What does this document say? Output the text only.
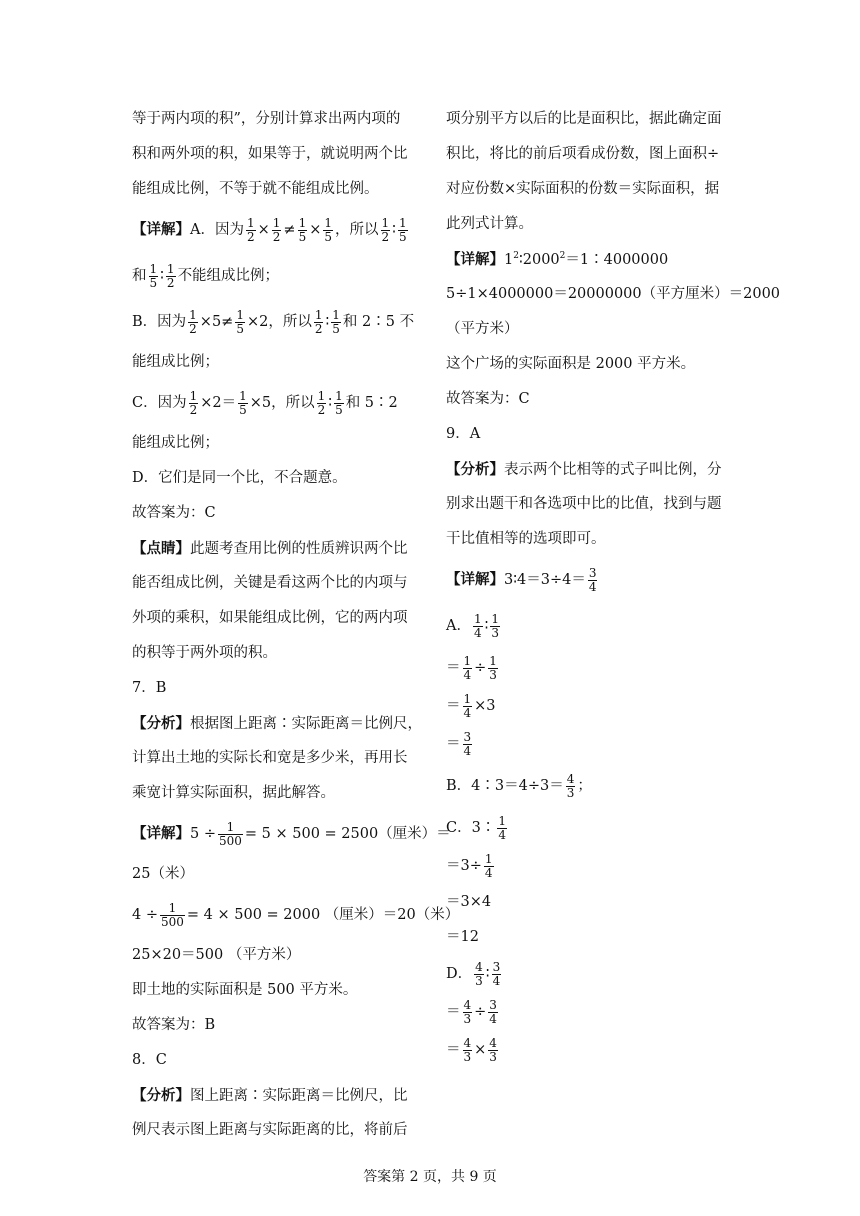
等于两内项的积”，分别计算求出两内项的
积和两外项的积，如果等于，就说明两个比
能组成比例，不等于就不能组成比例。
【详解】A．因为 $\frac{1}{2} \times \frac{1}{2} \ne \frac{1}{5} \times \frac{1}{5}$ ，所以 $\frac{1}{2}$ ∶ $\frac{1}{5}$
和 $\frac{1}{5}$ ∶ $\frac{1}{2}$ 不能组成比例；
B．因为 $\frac{1}{2} \times 5\ne \frac{1}{5} \times 2$，所以 $\frac{1}{2}$ ∶ $\frac{1}{5}$ 和 2∶5 不
能组成比例；
C．因为 $\frac{1}{2} \times 2= \frac{1}{5} \times 5$，所以 $\frac{1}{2}$ ∶ $\frac{1}{5}$ 和 5∶2
能组成比例；
D．它们是同一个比，不合题意。
故答案为：C
【点睛】此题考查用比例的性质辨识两个比
能否组成比例，关键是看这两个比的内项与
外项的乘积，如果能组成比例，它的两内项
的积等于两外项的积。
7．B
【分析】根据图上距离∶实际距离＝比例尺，
计算出土地的实际长和宽是多少米，再用长
乘宽计算实际面积，据此解答。
【详解】$5 \div \frac{1}{500} = 5 \times 500 = 2500$（厘米）＝
25（米）
$4 \div \frac{1}{500} = 4 \times 500 = 2000$ （厘米）＝20（米）
25×20＝500 （平方米）
即土地的实际面积是 500 平方米。
故答案为：B
8．C
【分析】图上距离∶实际距离＝比例尺，比
例尺表示图上距离与实际距离的比，将前后
项分别平方以后的比是面积比，据此确定面
积比，将比的前后项看成份数，图上面积÷
对应份数×实际面积的份数＝实际面积，据
此列式计算。
【详解】$1^2∶2000^2=1∶4000000$
5÷1×4000000＝20000000（平方厘米）＝2000
（平方米）
这个广场的实际面积是 2000 平方米。
故答案为：C
9．A
【分析】表示两个比相等的式子叫比例，分
别求出题干和各选项中比的比值，找到与题
干比值相等的选项即可。
【详解】3∶4＝3÷4＝ $\frac{3}{4}$
A． $\frac{1}{4}$ ∶ $\frac{1}{3}$
＝ $\frac{1}{4} \div \frac{1}{3}$
＝ $\frac{1}{4} \times 3$
＝ $\frac{3}{4}$
B．4∶3＝4÷3＝ $\frac{4}{3}$ ；
C．3∶ $\frac{1}{4}$
$=3\div \frac{1}{4}$
＝3×4
＝12
D． $\frac{4}{3}$ ∶ $\frac{3}{4}$
＝ $\frac{4}{3} \div \frac{3}{4}$
＝ $\frac{4}{3} \times \frac{4}{3}$
答案第 2 页，共 9 页
